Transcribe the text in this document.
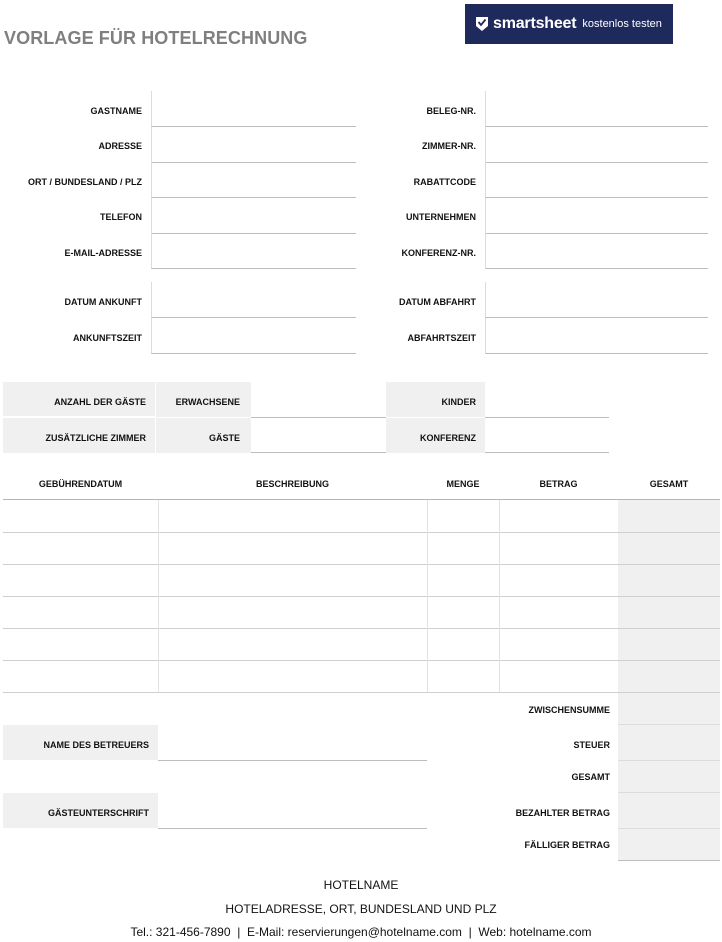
VORLAGE FÜR HOTELRECHNUNG
smartsheet kostenlos testen
GASTNAME
ADRESSE
ORT / BUNDESLAND / PLZ
TELEFON
E-MAIL-ADRESSE
BELEG-NR.
ZIMMER-NR.
RABATTCODE
UNTERNEHMEN
KONFERENZ-NR.
DATUM ANKUNFT
ANKUNFTSZEIT
DATUM ABFAHRT
ABFAHRTSZEIT
ANZAHL DER GÄSTE	ERWACHSENE	KINDER
ZUSÄTZLICHE ZIMMER	GÄSTE	KONFERENZ
GEBÜHRENDATUM	BESCHREIBUNG	MENGE	BETRAG	GESAMT
ZWISCHENSUMME
STEUER
GESAMT
BEZAHLTER BETRAG
FÄLLIGER BETRAG
NAME DES BETREUERS
GÄSTEUNTERSCHRIFT
HOTELNAME
HOTELADRESSE, ORT, BUNDESLAND UND PLZ
Tel.: 321-456-7890  |  E-Mail: reservierungen@hotelname.com  |  Web: hotelname.com
